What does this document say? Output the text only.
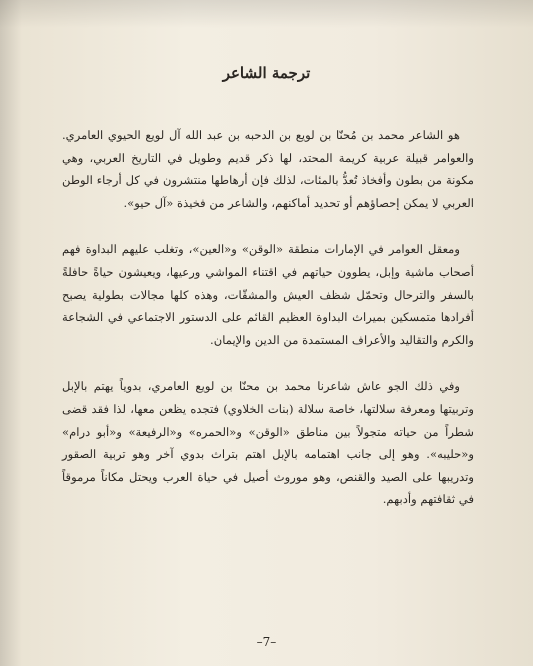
ترجمة الشاعر

هو الشاعر محمد بن مُحنّا بن لويع بن الدحبه بن عبد الله آل لويع الحيوي العامري. والعوامر قبيلة عربية كريمة المحتد، لها ذكر قديم وطويل في التاريخ العربي، وهي مكونة من بطون وأفخاذ تُعدُّ بالمئات، لذلك فإن أرهاطها منتشرون في كل أرجاء الوطن العربي لا يمكن إحصاؤهم أو تحديد أماكنهم، والشاعر من فخيذة «آل حيو».

ومعقل العوامر في الإمارات منطقة «الوقن» و«العين»، وتغلب عليهم البداوة فهم أصحاب ماشية وإبل، يطوون حياتهم في اقتناء المواشي ورعيها، ويعيشون حياةً حافلةً بالسفر والترحال وتحمّل شظف العيش والمشقّات، وهذه كلها مجالات بطولية يصبح أفرادها متمسكين بميراث البداوة العظيم القائم على الدستور الاجتماعي في الشجاعة والكرم والتقاليد والأعراف المستمدة من الدين والإيمان.

وفي ذلك الجو عاش شاعرنا محمد بن محنّا بن لويع العامري، بدوياً يهتم بالإبل وتربيتها ومعرفة سلالتها، خاصة سلالة (بنات الخلاوي) فتجده يظعن معها، لذا فقد قضى شطراً من حياته متجولاً بين مناطق «الوقن» و«الحمره» و«الرفيعة» و«أبو درام» و«حليبه». وهو إلى جانب اهتمامه بالإبل اهتم بتراث بدوي آخر وهو تربية الصقور وتدريبها على الصيد والقنص، وهو موروث أصيل في حياة العرب ويحتل مكاناً مرموقاً في ثقافتهم وأدبهم.

–7–
